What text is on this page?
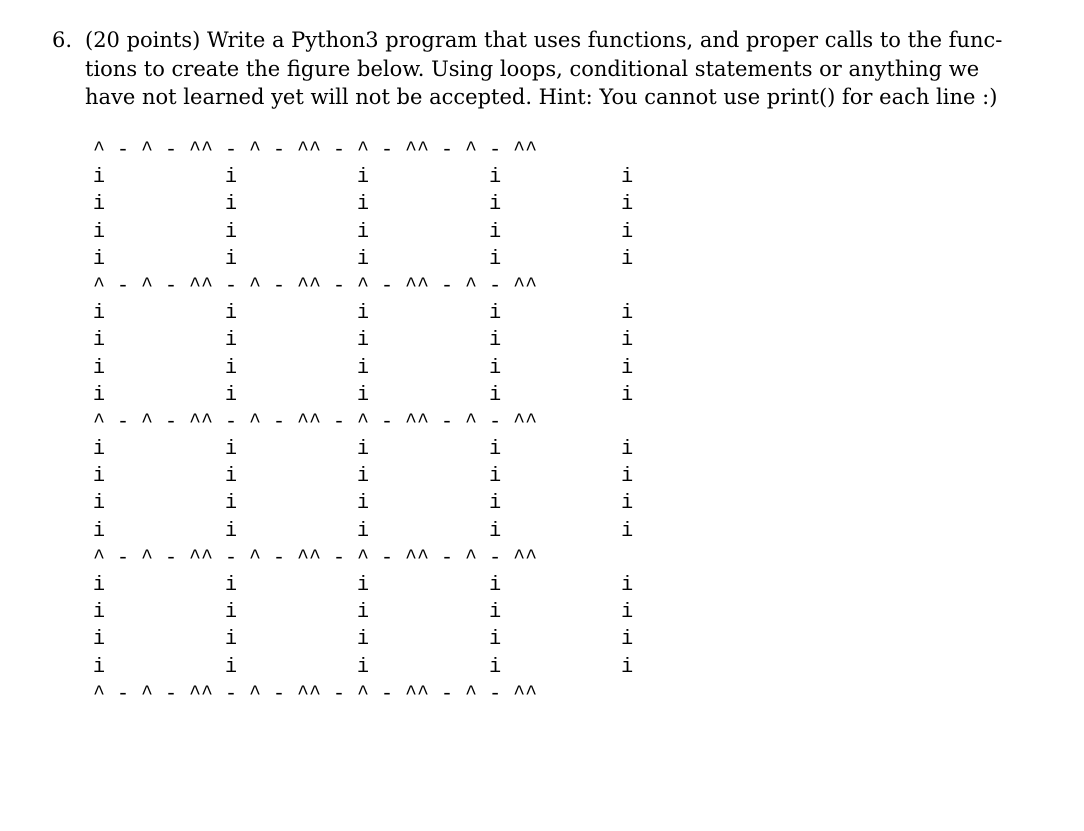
6. (20 points) Write a Python3 program that uses functions, and proper calls to the func-
tions to create the figure below. Using loops, conditional statements or anything we
have not learned yet will not be accepted. Hint: You cannot use print() for each line :)
^ - ^ - ^^ - ^ - ^^ - ^ - ^^ - ^ - ^^
i          i          i          i          i
i          i          i          i          i
i          i          i          i          i
i          i          i          i          i
^ - ^ - ^^ - ^ - ^^ - ^ - ^^ - ^ - ^^
i          i          i          i          i
i          i          i          i          i
i          i          i          i          i
i          i          i          i          i
^ - ^ - ^^ - ^ - ^^ - ^ - ^^ - ^ - ^^
i          i          i          i          i
i          i          i          i          i
i          i          i          i          i
i          i          i          i          i
^ - ^ - ^^ - ^ - ^^ - ^ - ^^ - ^ - ^^
i          i          i          i          i
i          i          i          i          i
i          i          i          i          i
i          i          i          i          i
^ - ^ - ^^ - ^ - ^^ - ^ - ^^ - ^ - ^^
